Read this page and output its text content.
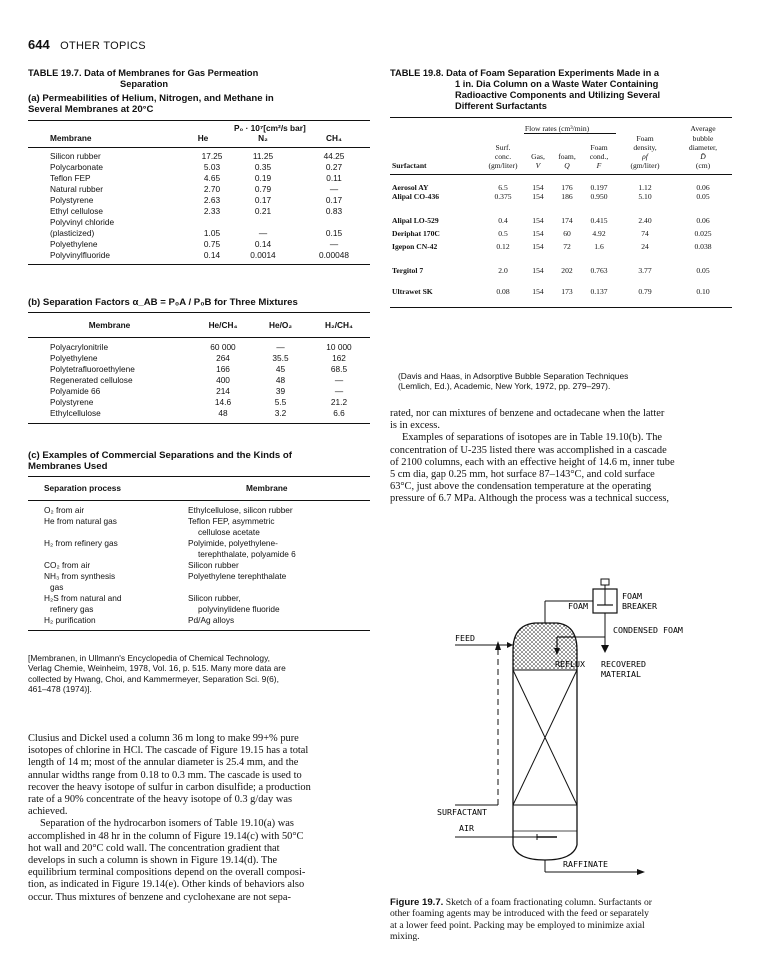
644 OTHER TOPICS
TABLE 19.7. Data of Membranes for Gas Permeation
Separation
(a) Permeabilities of Helium, Nitrogen, and Methane in
Several Membranes at 20°C
P₀ · 10⁷[cm²/s bar]
Membrane	He	N₂	CH₄
Silicon rubber	17.25	11.25	44.25
Polycarbonate	5.03	0.35	0.27
Teflon FEP	4.65	0.19	0.11
Natural rubber	2.70	0.79	—
Polystyrene	2.63	0.17	0.17
Ethyl cellulose	2.33	0.21	0.83
Polyvinyl chloride			
(plasticized)	1.05	—	0.15
Polyethylene	0.75	0.14	—
Polyvinylfluoride	0.14	0.0014	0.00048
(b) Separation Factors α_AB = P₀A / P₀B for Three Mixtures
Membrane	He/CH₄	He/O₂	H₂/CH₄
Polyacrylonitrile	60 000	—	10 000
Polyethylene	264	35.5	162
Polytetrafluoroethylene	166	45	68.5
Regenerated cellulose	400	48	—
Polyamide 66	214	39	—
Polystyrene	14.6	5.5	21.2
Ethylcellulose	48	3.2	6.6
(c) Examples of Commercial Separations and the Kinds of
Membranes Used
Separation process	Membrane
O₂ from air	Ethylcellulose, silicon rubber
He from natural gas	Teflon FEP, asymmetric
	cellulose acetate
H₂ from refinery gas	Polyimide, polyethylene-
	terephthalate, polyamide 6
CO₂ from air	Silicon rubber
NH₃ from synthesis	Polyethylene terephthalate
gas	
H₂S from natural and	Silicon rubber,
refinery gas	polyvinylidene fluoride
H₂ purification	Pd/Ag alloys
[Membranen, in Ullmann's Encyclopedia of Chemical Technology,
Verlag Chemie, Weinheim, 1978, Vol. 16, p. 515. Many more data are
collected by Hwang, Choi, and Kammermeyer, Separation Sci. 9(6),
461–478 (1974)].
Clusius and Dickel used a column 36 m long to make 99+% pure
isotopes of chlorine in HCl. The cascade of Figure 19.15 has a total
length of 14 m; most of the annular diameter is 25.4 mm, and the
annular widths range from 0.18 to 0.3 mm. The cascade is used to
recover the heavy isotope of sulfur in carbon disulfide; a production
rate of a 90% concentrate of the heavy isotope of 0.3 g/day was
achieved.
Separation of the hydrocarbon isomers of Table 19.10(a) was
accomplished in 48 hr in the column of Figure 19.14(c) with 50°C
hot wall and 20°C cold wall. The concentration gradient that
develops in such a column is shown in Figure 19.14(d). The
equilibrium terminal compositions depend on the overall composi-
tion, as indicated in Figure 19.14(e). Other kinds of behaviors also
occur. Thus mixtures of benzene and cyclohexane are not sepa-
TABLE 19.8. Data of Foam Separation Experiments Made in a
1 in. Dia Column on a Waste Water Containing
Radioactive Components and Utilizing Several
Different Surfactants
	Flow rates (cm³/min)					Average
					Foam	bubble
	Surf.			Foam	density,	diameter,
	conc.	Gas,	foam,	cond.,	ρf	D̄
Surfactant	(gm/liter)	V	Q	F	(gm/liter)	(cm)
Aerosol AY	6.5	154	176	0.197	1.12	0.06
Alipal CO-436	0.375	154	186	0.950	5.10	0.05
Alipal LO-529	0.4	154	174	0.415	2.40	0.06
Deriphat 170C	0.5	154	60	4.92	74	0.025
Igepon CN-42	0.12	154	72	1.6	24	0.038
Tergitol 7	2.0	154	202	0.763	3.77	0.05
Ultrawet SK	0.08	154	173	0.137	0.79	0.10
(Davis and Haas, in Adsorptive Bubble Separation Techniques
(Lemlich, Ed.), Academic, New York, 1972, pp. 279–297).
rated, nor can mixtures of benzene and octadecane when the latter
is in excess.
Examples of separations of isotopes are in Table 19.10(b). The
concentration of U-235 listed there was accomplished in a cascade
of 2100 columns, each with an effective height of 14.6 m, inner tube
5 cm dia, gap 0.25 mm, hot surface 87–143°C, and cold surface
63°C, just above the condensation temperature at the operating
pressure of 6.7 MPa. Although the process was a technical success,
FOAM
FOAM
BREAKER
CONDENSED FOAM
FEED
REFLUX RECOVERED
MATERIAL
SURFACTANT
AIR
RAFFINATE
Figure 19.7. Sketch of a foam fractionating column. Surfactants or
other foaming agents may be introduced with the feed or separately
at a lower feed point. Packing may be employed to minimize axial
mixing.
